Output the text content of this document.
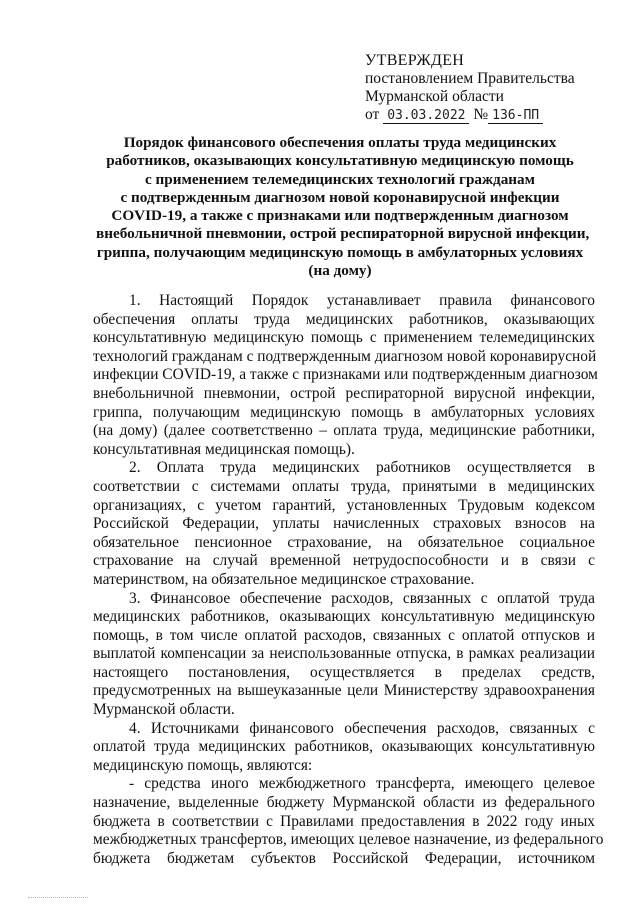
УТВЕРЖДЕН
постановлением Правительства
Мурманской области
от 03.03.2022 № 136-ПП
Порядок финансового обеспечения оплаты труда медицинских
работников, оказывающих консультативную медицинскую помощь
с применением телемедицинских технологий гражданам
с подтвержденным диагнозом новой коронавирусной инфекции
COVID-19, а также с признаками или подтвержденным диагнозом
внебольничной пневмонии, острой респираторной вирусной инфекции,
гриппа, получающим медицинскую помощь в амбулаторных условиях
(на дому)
1. Настоящий Порядок устанавливает правила финансового
обеспечения оплаты труда медицинских работников, оказывающих
консультативную медицинскую помощь с применением телемедицинских
технологий гражданам с подтвержденным диагнозом новой коронавирусной
инфекции COVID-19, а также с признаками или подтвержденным диагнозом
внебольничной пневмонии, острой респираторной вирусной инфекции,
гриппа, получающим медицинскую помощь в амбулаторных условиях
(на дому) (далее соответственно – оплата труда, медицинские работники,
консультативная медицинская помощь).
2. Оплата труда медицинских работников осуществляется в
соответствии с системами оплаты труда, принятыми в медицинских
организациях, с учетом гарантий, установленных Трудовым кодексом
Российской Федерации, уплаты начисленных страховых взносов на
обязательное пенсионное страхование, на обязательное социальное
страхование на случай временной нетрудоспособности и в связи с
материнством, на обязательное медицинское страхование.
3. Финансовое обеспечение расходов, связанных с оплатой труда
медицинских работников, оказывающих консультативную медицинскую
помощь, в том числе оплатой расходов, связанных с оплатой отпусков и
выплатой компенсации за неиспользованные отпуска, в рамках реализации
настоящего постановления, осуществляется в пределах средств,
предусмотренных на вышеуказанные цели Министерству здравоохранения
Мурманской области.
4. Источниками финансового обеспечения расходов, связанных с
оплатой труда медицинских работников, оказывающих консультативную
медицинскую помощь, являются:
- средства иного межбюджетного трансферта, имеющего целевое
назначение, выделенные бюджету Мурманской области из федерального
бюджета в соответствии с Правилами предоставления в 2022 году иных
межбюджетных трансфертов, имеющих целевое назначение, из федерального
бюджета бюджетам субъектов Российской Федерации, источником
